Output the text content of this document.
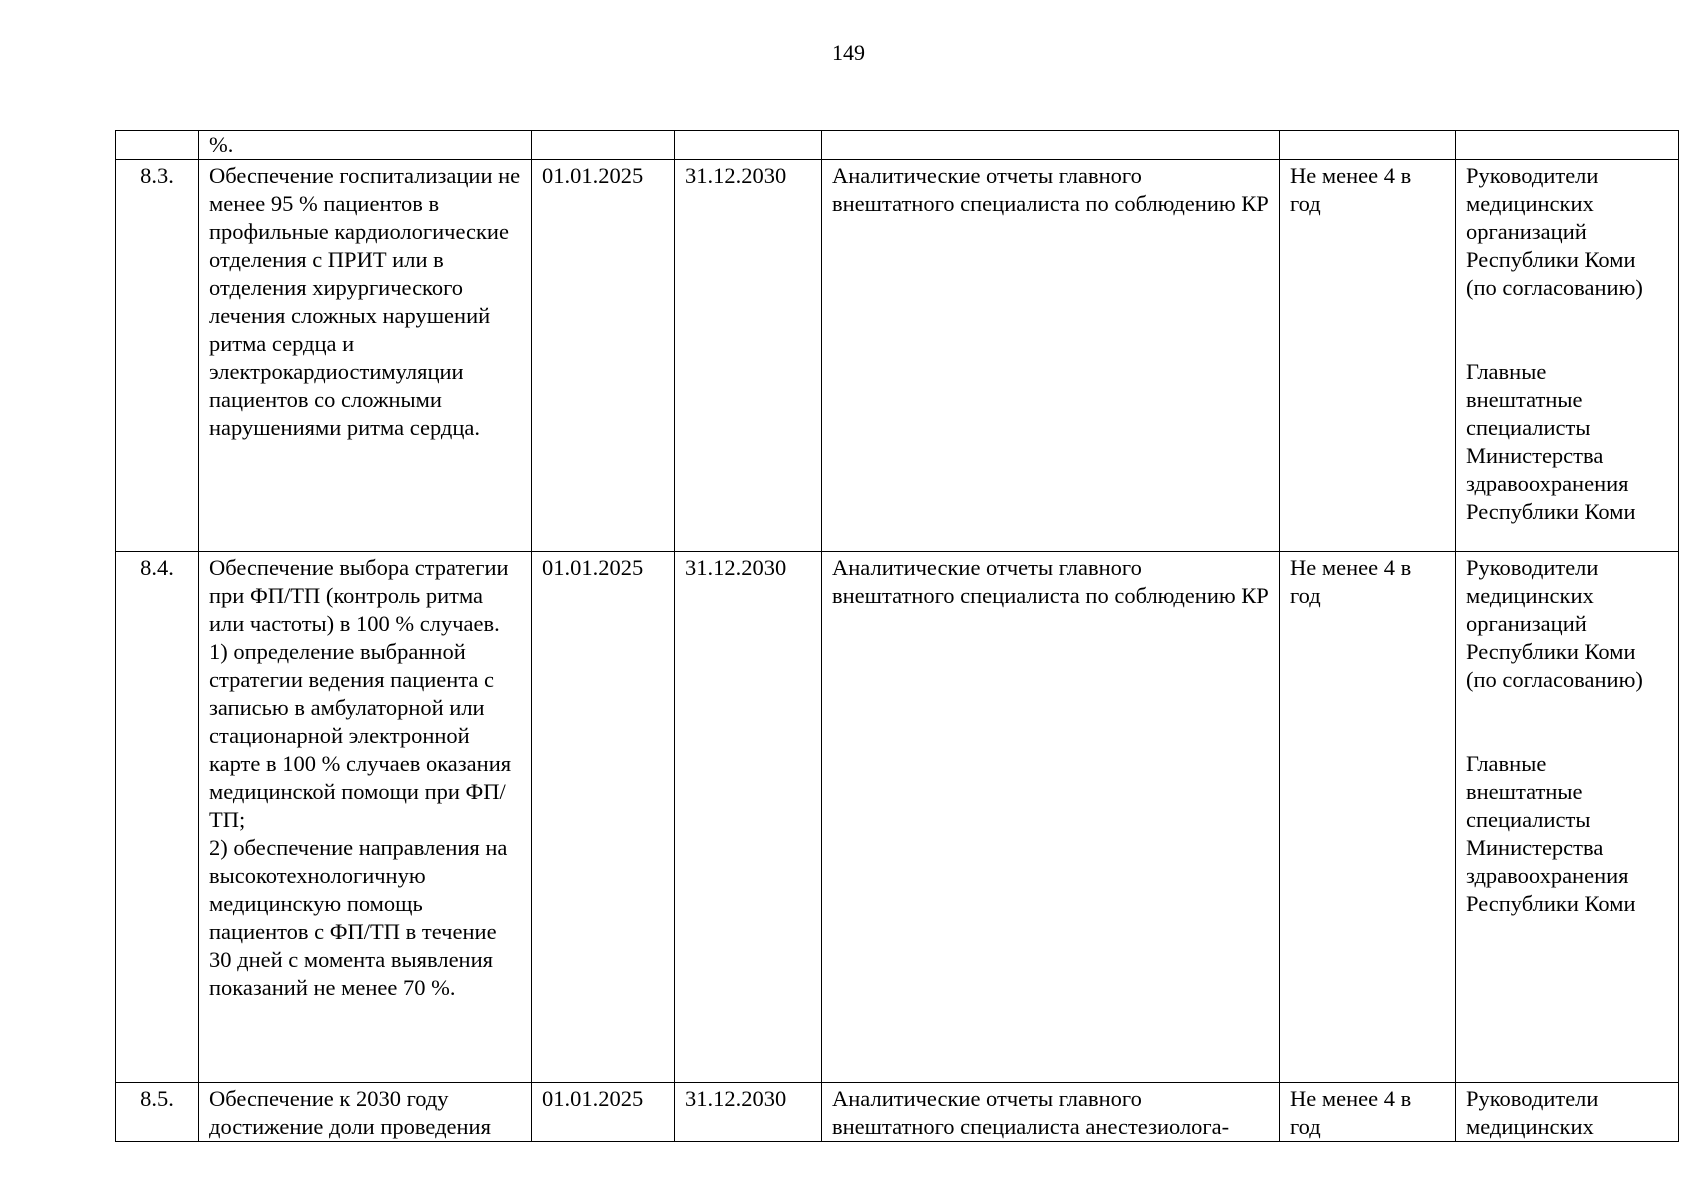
149
	%.					
8.3.	Обеспечение госпитализации не менее 95 % пациентов в профильные кардиологические отделения с ПРИТ или в отделения хирургического лечения сложных нарушений ритма сердца и электрокардиостимуляции пациентов со сложными нарушениями ритма сердца.	01.01.2025	31.12.2030	Аналитические отчеты главного внештатного специалиста по соблюдению КР	Не менее 4 в год	Руководители медицинских организаций Республики Коми (по согласованию)
Главные внештатные специалисты Министерства здравоохранения Республики Коми
8.4.	Обеспечение выбора стратегии при ФП/ТП (контроль ритма или частоты) в 100 % случаев.
1) определение выбранной стратегии ведения пациента с записью в амбулаторной или стационарной электронной карте в 100 % случаев оказания медицинской помощи при ФП/ТП;
2) обеспечение направления на высокотехнологичную медицинскую помощь пациентов с ФП/ТП в течение 30 дней с момента выявления показаний не менее 70 %.	01.01.2025	31.12.2030	Аналитические отчеты главного внештатного специалиста по соблюдению КР	Не менее 4 в год	Руководители медицинских организаций Республики Коми (по согласованию)
Главные внештатные специалисты Министерства здравоохранения Республики Коми
8.5.	Обеспечение к 2030 году достижение доли проведения	01.01.2025	31.12.2030	Аналитические отчеты главного внештатного специалиста анестезиолога-	Не менее 4 в год	Руководители медицинских
